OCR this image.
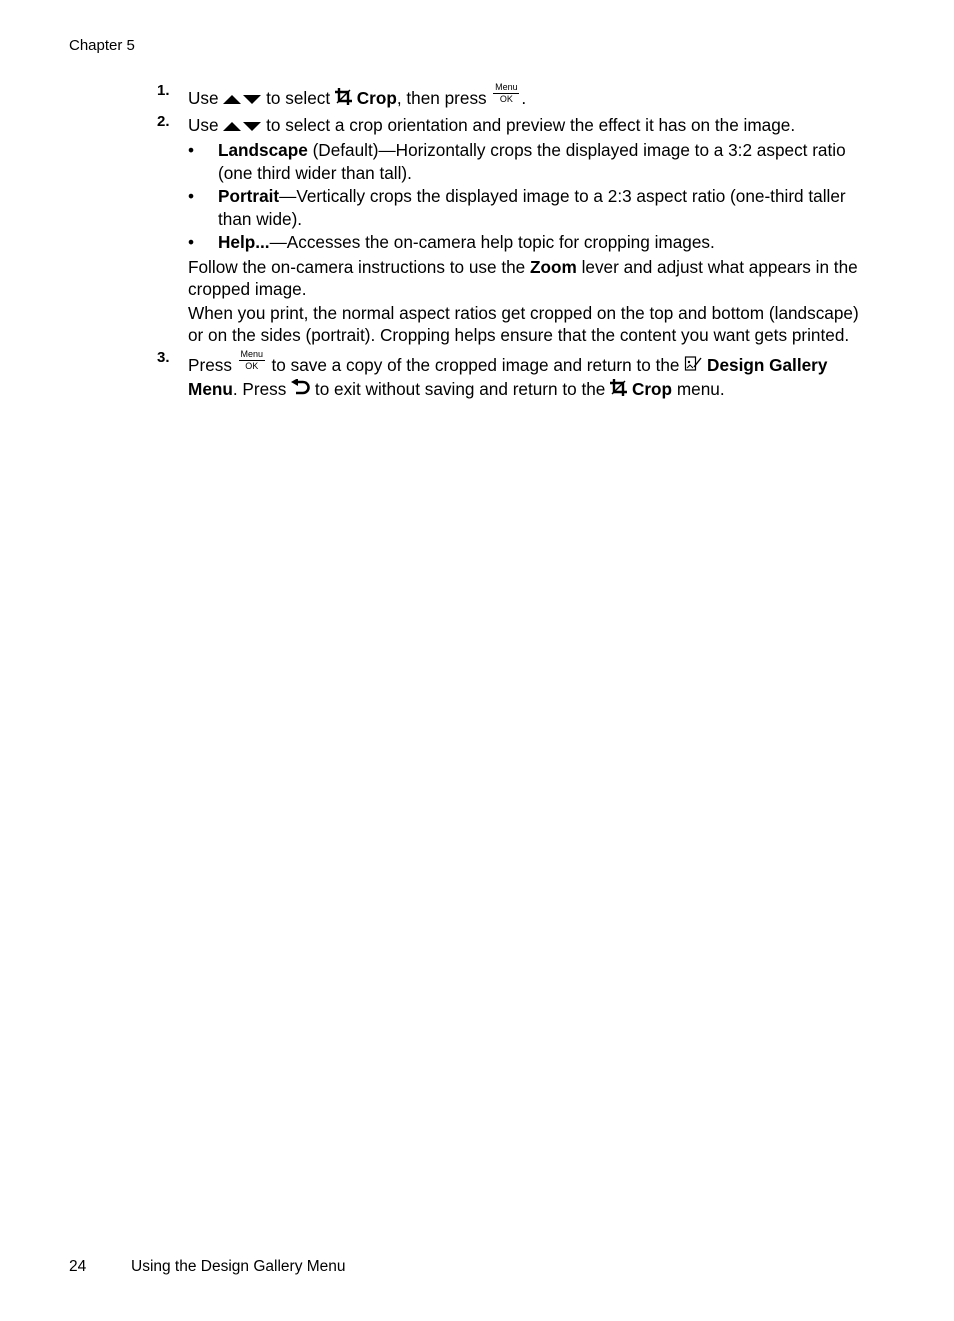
Chapter 5
1.	Use	to select Crop, then press
Menu
OK .
2.	Use	to select a crop orientation and preview the effect it has on the image.
•	Landscape (Default)—Horizontally crops the displayed image to a 3:2 aspect ratio (one third wider than tall).
•	Portrait—Vertically crops the displayed image to a 2:3 aspect ratio (one-third taller than wide).
•	Help...—Accesses the on-camera help topic for cropping images.
Follow the on-camera instructions to use the Zoom lever and adjust what appears in the cropped image.
When you print, the normal aspect ratios get cropped on the top and bottom (landscape) or on the sides (portrait). Cropping helps ensure that the content you want gets printed.
3.	Press
Menu
OK to save a copy of the cropped image and return to the  Design Gallery Menu. Press  to exit without saving and return to the  Crop menu.
24	Using the Design Gallery Menu
